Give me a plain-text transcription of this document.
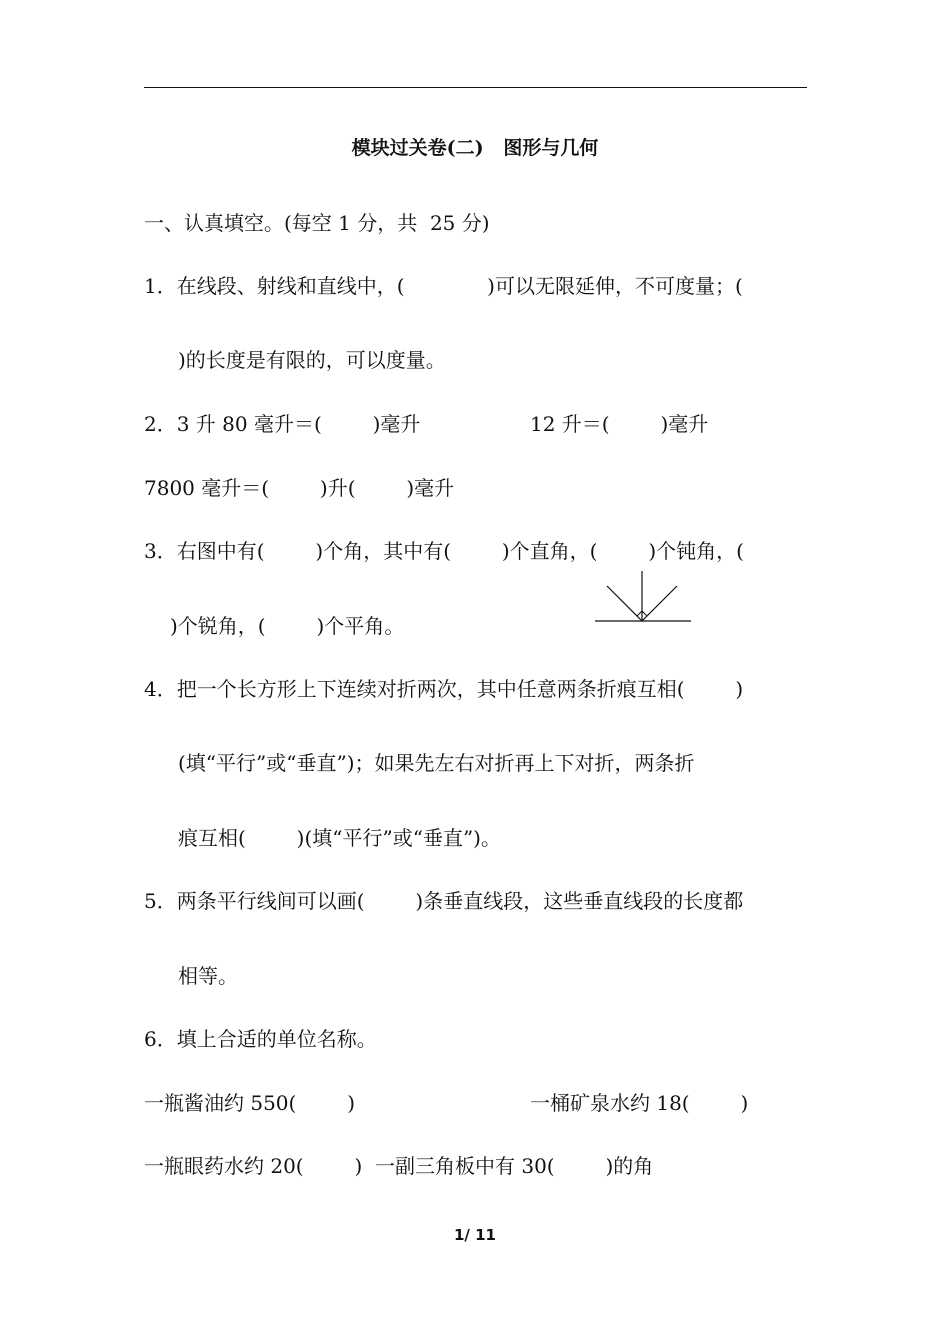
模块过关卷(二)   图形与几何
一、认真填空。(每空 1 分，共  25 分)
1．在线段、射线和直线中，(             )可以无限延伸，不可度量；(
)的长度是有限的，可以度量。
2．3 升 80 毫升＝(        )毫升	12 升＝(        )毫升
7800 毫升＝(        )升(        )毫升
3．右图中有(        )个角，其中有(        )个直角，(        )个钝角，(
)个锐角，(        )个平角。
4．把一个长方形上下连续对折两次，其中任意两条折痕互相(        )
(填“平行”或“垂直”)；如果先左右对折再上下对折，两条折
痕互相(        )(填“平行”或“垂直”)。
5．两条平行线间可以画(        )条垂直线段，这些垂直线段的长度都
相等。
6．填上合适的单位名称。
一瓶酱油约 550(        )	一桶矿泉水约 18(        )
一瓶眼药水约 20(        )  一副三角板中有 30(        )的角
1/ 11
